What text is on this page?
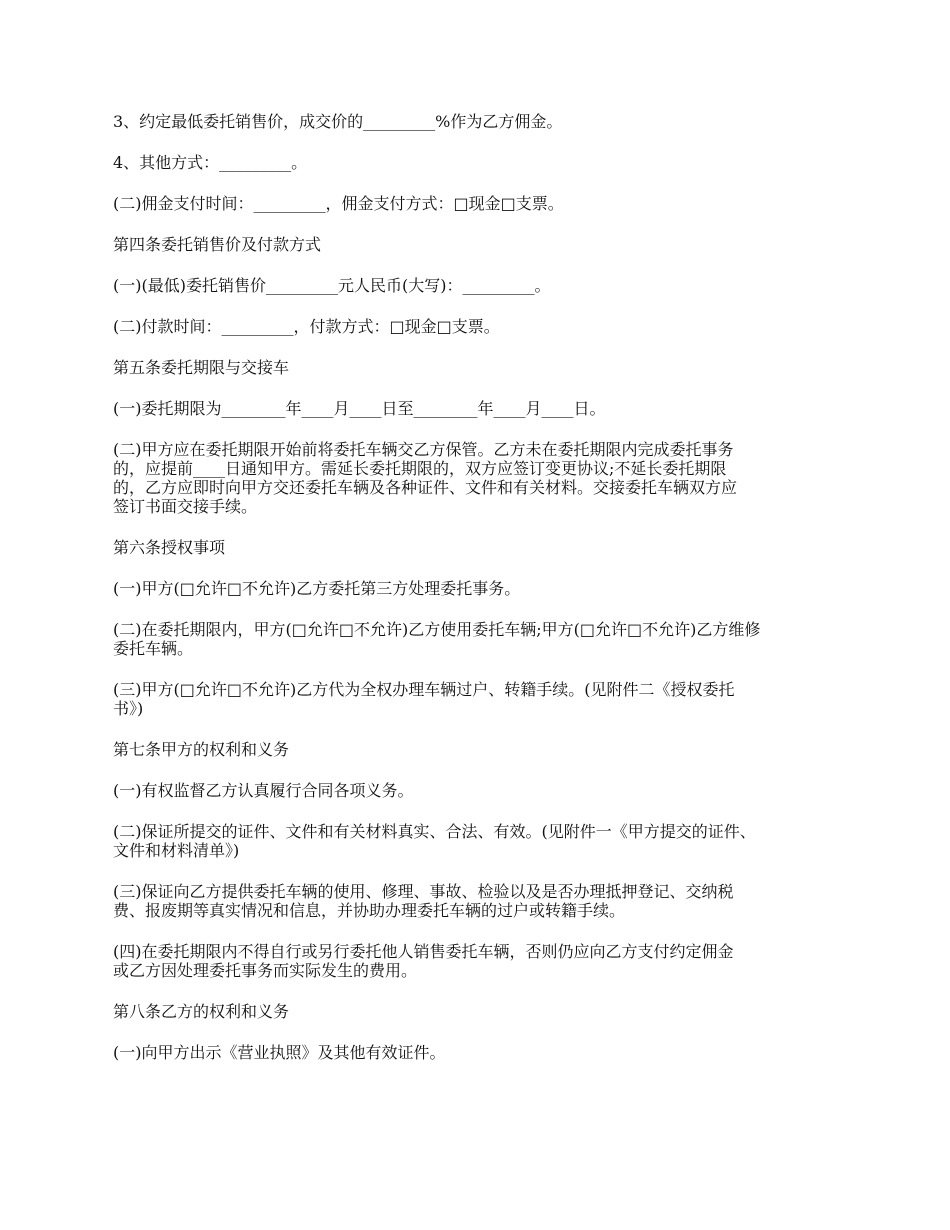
3、约定最低委托销售价，成交价的_________%作为乙方佣金。
4、其他方式：_________。
(二)佣金支付时间：_________，佣金支付方式：□现金□支票。
第四条委托销售价及付款方式
(一)(最低)委托销售价_________元人民币(大写)：_________。
(二)付款时间：_________，付款方式：□现金□支票。
第五条委托期限与交接车
(一)委托期限为________年____月____日至________年____月____日。
(二)甲方应在委托期限开始前将委托车辆交乙方保管。乙方未在委托期限内完成委托事务
的，应提前____日通知甲方。需延长委托期限的，双方应签订变更协议;不延长委托期限
的，乙方应即时向甲方交还委托车辆及各种证件、文件和有关材料。交接委托车辆双方应
签订书面交接手续。
第六条授权事项
(一)甲方(□允许□不允许)乙方委托第三方处理委托事务。
(二)在委托期限内，甲方(□允许□不允许)乙方使用委托车辆;甲方(□允许□不允许)乙方维修
委托车辆。
(三)甲方(□允许□不允许)乙方代为全权办理车辆过户、转籍手续。(见附件二《授权委托
书》)
第七条甲方的权利和义务
(一)有权监督乙方认真履行合同各项义务。
(二)保证所提交的证件、文件和有关材料真实、合法、有效。(见附件一《甲方提交的证件、
文件和材料清单》)
(三)保证向乙方提供委托车辆的使用、修理、事故、检验以及是否办理抵押登记、交纳税
费、报废期等真实情况和信息，并协助办理委托车辆的过户或转籍手续。
(四)在委托期限内不得自行或另行委托他人销售委托车辆，否则仍应向乙方支付约定佣金
或乙方因处理委托事务而实际发生的费用。
第八条乙方的权利和义务
(一)向甲方出示《营业执照》及其他有效证件。
